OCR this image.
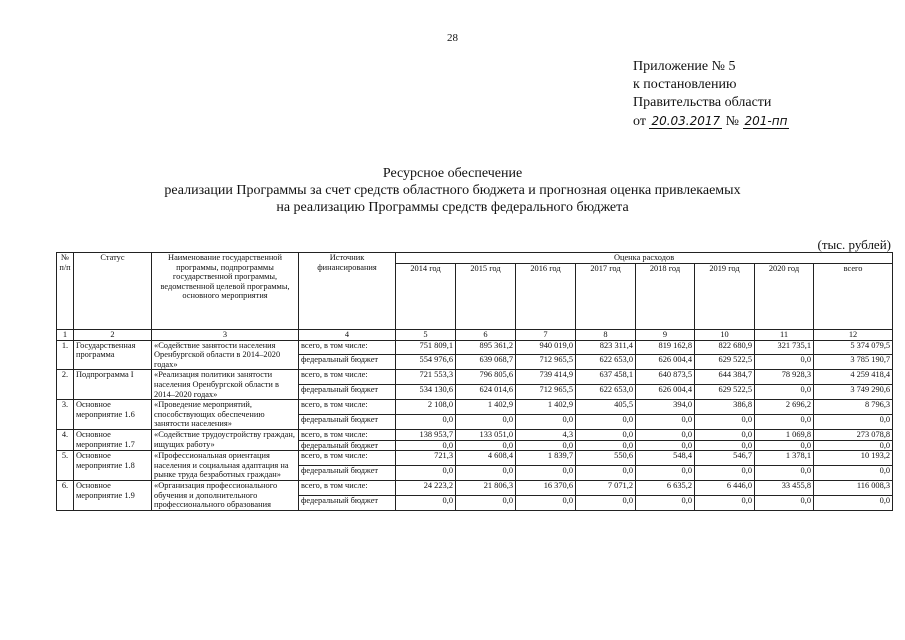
28
Приложение № 5
к постановлению
Правительства области
от 20.03.2017 № 201-пп
Ресурсное обеспечение
реализации Программы за счет средств областного бюджета и прогнозная оценка привлекаемых
на реализацию Программы средств федерального бюджета
(тыс. рублей)
№ п/п	Статус	Наименование государственной программы, подпрограммы государственной программы, ведомственной целевой программы, основного мероприятия	Источник финансирования	Оценка расходов							
				2014 год	2015 год	2016 год	2017 год	2018 год	2019 год	2020 год	всего
1	2	3	4	5	6	7	8	9	10	11	12
1.	Государственная программа	«Содействие занятости населения Оренбургской области в 2014–2020 годах»	всего, в том числе:	751 809,1	895 361,2	940 019,0	823 311,4	819 162,8	822 680,9	321 735,1	5 374 079,5
			федеральный бюджет	554 976,6	639 068,7	712 965,5	622 653,0	626 004,4	629 522,5	0,0	3 785 190,7
2.	Подпрограмма I	«Реализация политики занятости населения Оренбургской области в 2014–2020 годах»	всего, в том числе:	721 553,3	796 805,6	739 414,9	637 458,1	640 873,5	644 384,7	78 928,3	4 259 418,4
			федеральный бюджет	534 130,6	624 014,6	712 965,5	622 653,0	626 004,4	629 522,5	0,0	3 749 290,6
3.	Основное мероприятие 1.6	«Проведение мероприятий, способствующих обеспечению занятости населения»	всего, в том числе:	2 108,0	1 402,9	1 402,9	405,5	394,0	386,8	2 696,2	8 796,3
			федеральный бюджет	0,0	0,0	0,0	0,0	0,0	0,0	0,0	0,0
4.	Основное мероприятие 1.7	«Содействие трудоустройству граждан, ищущих работу»	всего, в том числе:	138 953,7	133 051,0	4,3	0,0	0,0	0,0	1 069,8	273 078,8
			федеральный бюджет	0,0	0,0	0,0	0,0	0,0	0,0	0,0	0,0
5.	Основное мероприятие 1.8	«Профессиональная ориентация населения и социальная адаптация на рынке труда безработных граждан»	всего, в том числе:	721,3	4 608,4	1 839,7	550,6	548,4	546,7	1 378,1	10 193,2
			федеральный бюджет	0,0	0,0	0,0	0,0	0,0	0,0	0,0	0,0
6.	Основное мероприятие 1.9	«Организация профессионального обучения и дополнительного профессионального образования	всего, в том числе:	24 223,2	21 806,3	16 370,6	7 071,2	6 635,2	6 446,0	33 455,8	116 008,3
			федеральный бюджет	0,0	0,0	0,0	0,0	0,0	0,0	0,0	0,0
